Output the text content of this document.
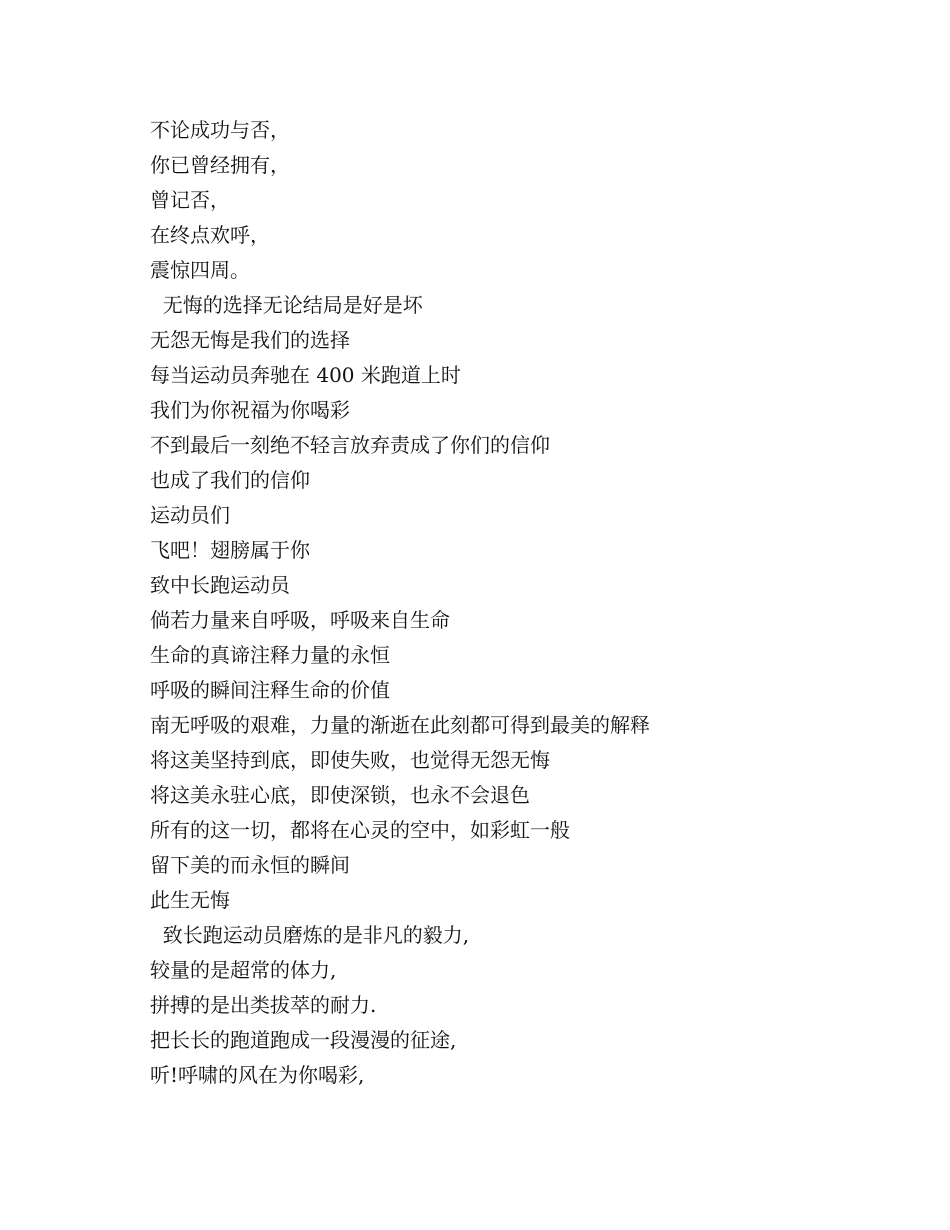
不论成功与否，
你已曾经拥有，
曾记否，
在终点欢呼，
震惊四周。
无悔的选择无论结局是好是坏
无怨无悔是我们的选择
每当运动员奔驰在 400 米跑道上时
我们为你祝福为你喝彩
不到最后一刻绝不轻言放弃责成了你们的信仰
也成了我们的信仰
运动员们
飞吧！翅膀属于你
致中长跑运动员
倘若力量来自呼吸，呼吸来自生命
生命的真谛注释力量的永恒
呼吸的瞬间注释生命的价值
南无呼吸的艰难，力量的渐逝在此刻都可得到最美的解释
将这美坚持到底，即使失败，也觉得无怨无悔
将这美永驻心底，即使深锁，也永不会退色
所有的这一切，都将在心灵的空中，如彩虹一般
留下美的而永恒的瞬间
此生无悔
致长跑运动员磨炼的是非凡的毅力,
较量的是超常的体力,
拼搏的是出类拔萃的耐力.
把长长的跑道跑成一段漫漫的征途,
听!呼啸的风在为你喝彩,
